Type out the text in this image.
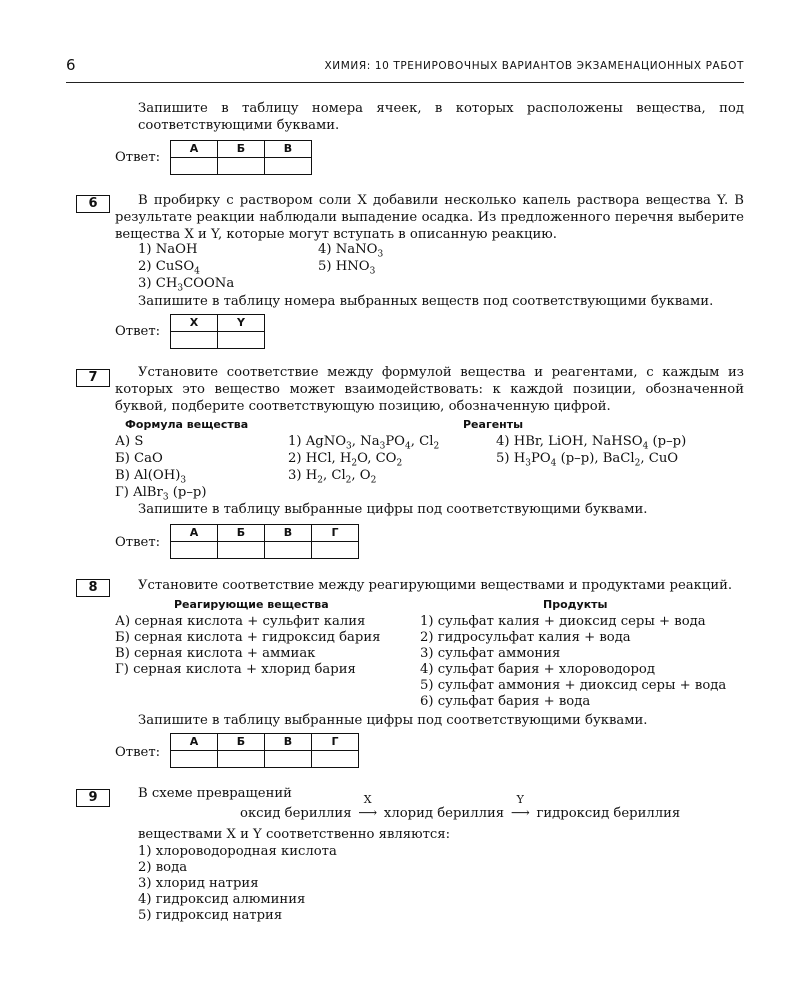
6	ХИМИЯ: 10 ТРЕНИРОВОЧНЫХ ВАРИАНТОВ ЭКЗАМЕНАЦИОННЫХ РАБОТ
Запишите в таблицу номера ячеек, в которых расположены вещества, под соответствующими буквами.
Ответ:
А	Б	В

6	В пробирку с раствором соли X добавили несколько капель раствора вещества Y. В результате реакции наблюдали выпадение осадка. Из предложенного перечня выберите вещества X и Y, которые могут вступать в описанную реакцию.
1) NaOH
2) CuSO$_4$
3) $CH_3COONa$
4) NaNO$_3$
5) $HNO_3$
Запишите в таблицу номера выбранных веществ под соответствующими буквами.
Ответ:
X	Y

7	Установите соответствие между формулой вещества и реагентами, с каждым из которых это вещество может взаимодействовать: к каждой позиции, обозначенной буквой, подберите соответствующую позицию, обозначенную цифрой.
Формула вещества	Реагенты
А) S
Б) CaO
В) $Al(OH)_3$
Г) AlBr$_3$ (р–р)
1) AgNO$_3$, $Na_3PO_4$, $Cl_2$
2) HCl, $H_2O$, $CO_2$
3) $H_2$, $Cl_2$, $O_2$
4) HBr, LiOH, NaHSO$_4$ (р–р)
5) $H_3PO_4$ (р–р), BaCl$_2$, CuO
Запишите в таблицу выбранные цифры под соответствующими буквами.
Ответ:
А	Б	В	Г

8	Установите соответствие между реагирующими веществами и продуктами реакций.
Реагирующие вещества	Продукты
А) серная кислота + сульфит калия
Б) серная кислота + гидроксид бария
В) серная кислота + аммиак
Г) серная кислота + хлорид бария
1) сульфат калия + диоксид серы + вода
2) гидросульфат калия + вода
3) сульфат аммония
4) сульфат бария + хлороводород
5) сульфат аммония + диоксид серы + вода
6) сульфат бария + вода
Запишите в таблицу выбранные цифры под соответствующими буквами.
Ответ:
А	Б	В	Г

9	В схеме превращений
оксид бериллия
X
⟶ хлорид бериллия
Y
⟶ гидроксид бериллия
веществами X и Y соответственно являются:
1) хлороводородная кислота
2) вода
3) хлорид натрия
4) гидроксид алюминия
5) гидроксид натрия
